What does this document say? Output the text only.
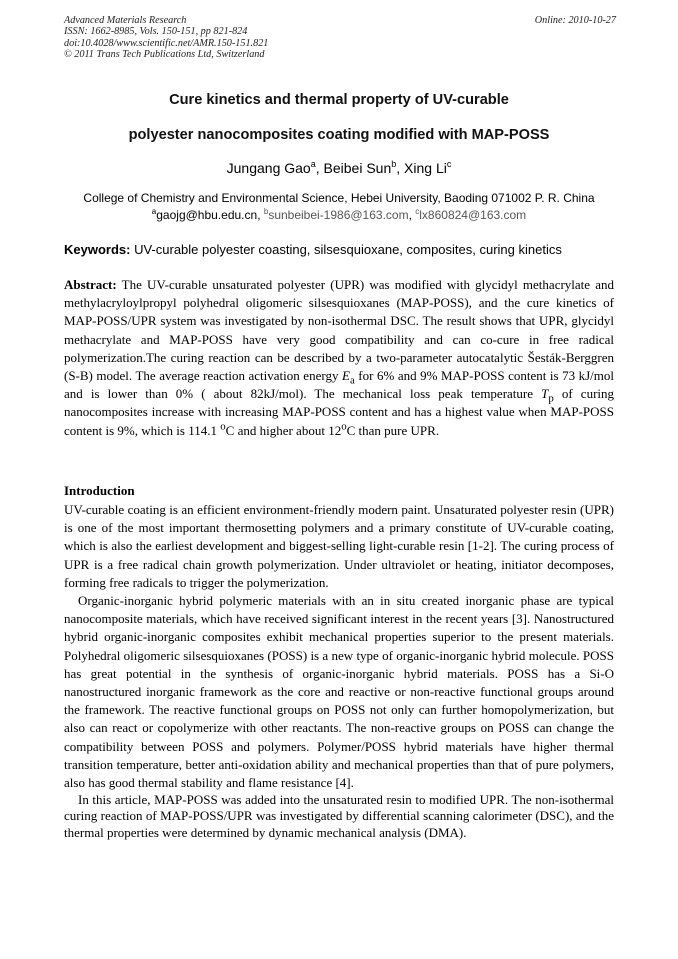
Advanced Materials Research
ISSN: 1662-8985, Vols. 150-151, pp 821-824
doi:10.4028/www.scientific.net/AMR.150-151.821
© 2011 Trans Tech Publications Ltd, Switzerland
Online: 2010-10-27
Cure kinetics and thermal property of UV-curable
polyester nanocomposites coating modified with MAP-POSS
Jungang Gao$^a$, Beibei Sun$^b$, Xing Li$^c$
College of Chemistry and Environmental Science, Hebei University, Baoding 071002 P. R. China
$^a$gaojg@hbu.edu.cn, $^b$sunbeibei-1986@163.com, $^c$lx860824@163.com
Keywords: UV-curable polyester coasting, silsesquioxane, composites, curing kinetics
Abstract: The UV-curable unsaturated polyester (UPR) was modified with glycidyl methacrylate and methylacryloylpropyl polyhedral oligomeric silsesquioxanes (MAP-POSS), and the cure kinetics of MAP-POSS/UPR system was investigated by non-isothermal DSC. The result shows that UPR, glycidyl methacrylate and MAP-POSS have very good compatibility and can co-cure in free radical polymerization.The curing reaction can be described by a two-parameter autocatalytic Šesták-Berggren (S-B) model. The average reaction activation energy $E_a$ for 6% and 9% MAP-POSS content is 73 kJ/mol and is lower than 0% ( about 82kJ/mol). The mechanical loss peak temperature $T_p$ of curing nanocomposites increase with increasing MAP-POSS content and has a highest value when MAP-POSS content is 9%, which is 114.1 $^o$C and higher about 12$^o$C than pure UPR.
Introduction

UV-curable coating is an efficient environment-friendly modern paint. Unsaturated polyester resin (UPR) is one of the most important thermosetting polymers and a primary constitute of UV-curable coating, which is also the earliest development and biggest-selling light-curable resin [1-2]. The curing process of UPR is a free radical chain growth polymerization. Under ultraviolet or heating, initiator decomposes, forming free radicals to trigger the polymerization.

Organic-inorganic hybrid polymeric materials with an in situ created inorganic phase are typical nanocomposite materials, which have received significant interest in the recent years [3]. Nanostructured hybrid organic-inorganic composites exhibit mechanical properties superior to the present materials. Polyhedral oligomeric silsesquioxanes (POSS) is a new type of organic-inorganic hybrid molecule. POSS has great potential in the synthesis of organic-inorganic hybrid materials. POSS has a Si-O nanostructured inorganic framework as the core and reactive or non-reactive functional groups around the framework. The reactive functional groups on POSS not only can further homopolymerization, but also can react or copolymerize with other reactants. The non-reactive groups on POSS can change the compatibility between POSS and polymers. Polymer/POSS hybrid materials have higher thermal transition temperature, better anti-oxidation ability and mechanical properties than that of pure polymers, also has good thermal stability and flame resistance [4].

In this article, MAP-POSS was added into the unsaturated resin to modified UPR. The non-isothermal curing reaction of MAP-POSS/UPR was investigated by differential scanning calorimeter (DSC), and the thermal properties were determined by dynamic mechanical analysis (DMA).
